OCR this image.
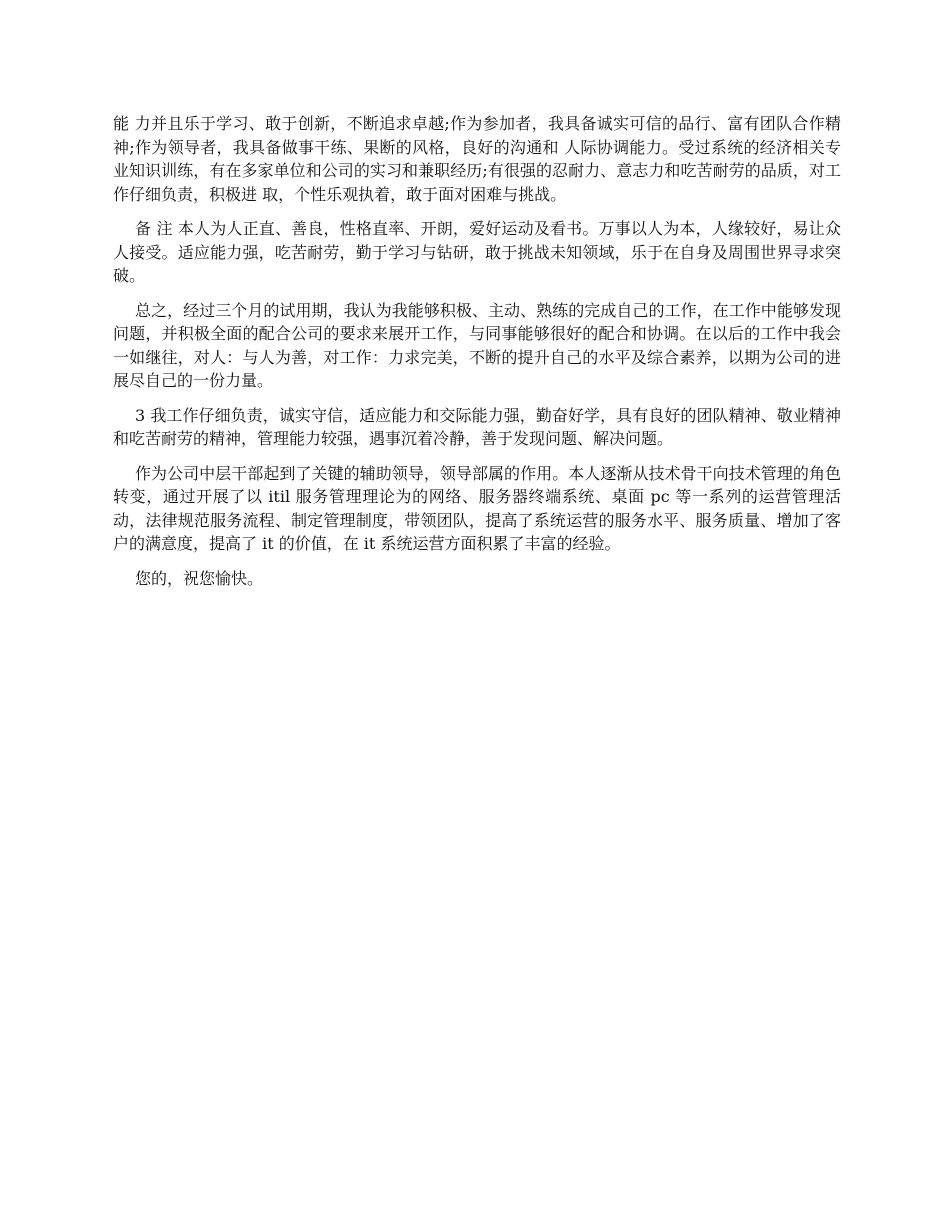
能 力并且乐于学习、敢于创新，不断追求卓越;作为参加者，我具备诚实可信的品行、富有团队合作精神;作为领导者，我具备做事干练、果断的风格，良好的沟通和 人际协调能力。受过系统的经济相关专业知识训练，有在多家单位和公司的实习和兼职经历;有很强的忍耐力、意志力和吃苦耐劳的品质，对工作仔细负责，积极进 取，个性乐观执着，敢于面对困难与挑战。

备 注 本人为人正直、善良，性格直率、开朗，爱好运动及看书。万事以人为本，人缘较好，易让众人接受。适应能力强，吃苦耐劳，勤于学习与钻研，敢于挑战未知领域，乐于在自身及周围世界寻求突破。

总之，经过三个月的试用期，我认为我能够积极、主动、熟练的完成自己的工作，在工作中能够发现问题，并积极全面的配合公司的要求来展开工作，与同事能够很好的配合和协调。在以后的工作中我会一如继往，对人：与人为善，对工作：力求完美，不断的提升自己的水平及综合素养，以期为公司的进展尽自己的一份力量。

3 我工作仔细负责，诚实守信，适应能力和交际能力强，勤奋好学，具有良好的团队精神、敬业精神和吃苦耐劳的精神，管理能力较强，遇事沉着冷静，善于发现问题、解决问题。

作为公司中层干部起到了关键的辅助领导，领导部属的作用。本人逐渐从技术骨干向技术管理的角色转变，通过开展了以 itil 服务管理理论为的网络、服务器终端系统、桌面 pc 等一系列的运营管理活动，法律规范服务流程、制定管理制度，带领团队，提高了系统运营的服务水平、服务质量、增加了客户的满意度，提高了 it 的价值，在 it 系统运营方面积累了丰富的经验。

您的，祝您愉快。
